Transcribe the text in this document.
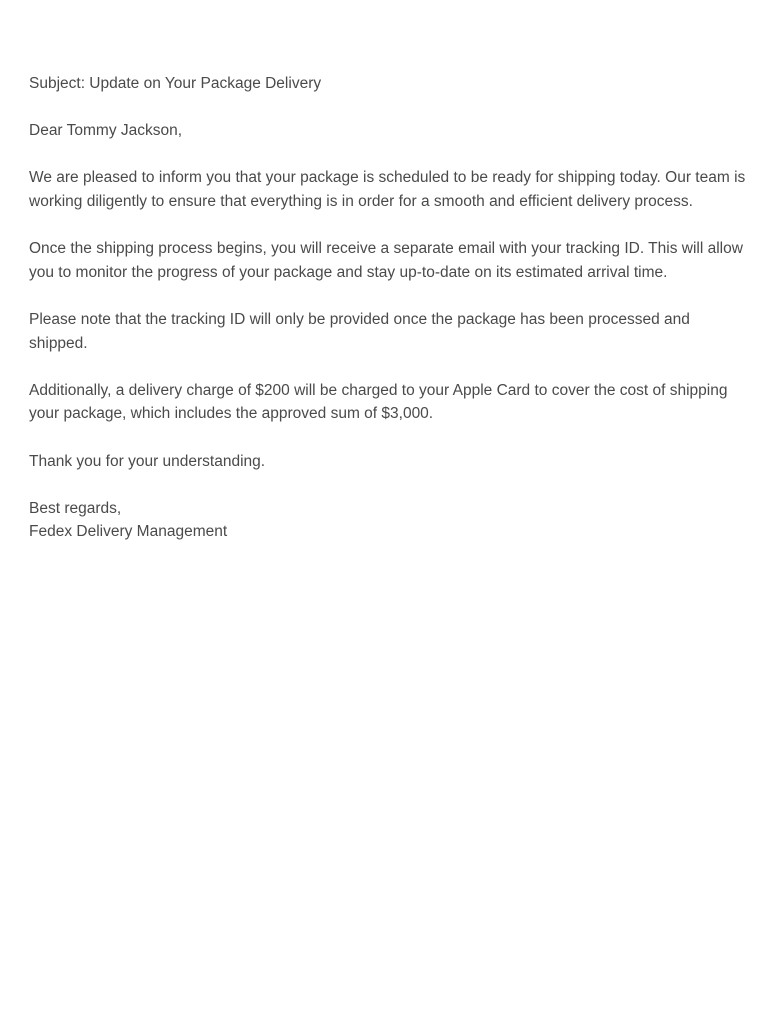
Subject: Update on Your Package Delivery

Dear Tommy Jackson,

We are pleased to inform you that your package is scheduled to be ready for shipping today. Our team is working diligently to ensure that everything is in order for a smooth and efficient delivery process.

Once the shipping process begins, you will receive a separate email with your tracking ID. This will allow you to monitor the progress of your package and stay up-to-date on its estimated arrival time.

Please note that the tracking ID will only be provided once the package has been processed and shipped.

Additionally, a delivery charge of $200 will be charged to your Apple Card to cover the cost of shipping your package, which includes the approved sum of $3,000.

Thank you for your understanding.

Best regards,
Fedex Delivery Management
